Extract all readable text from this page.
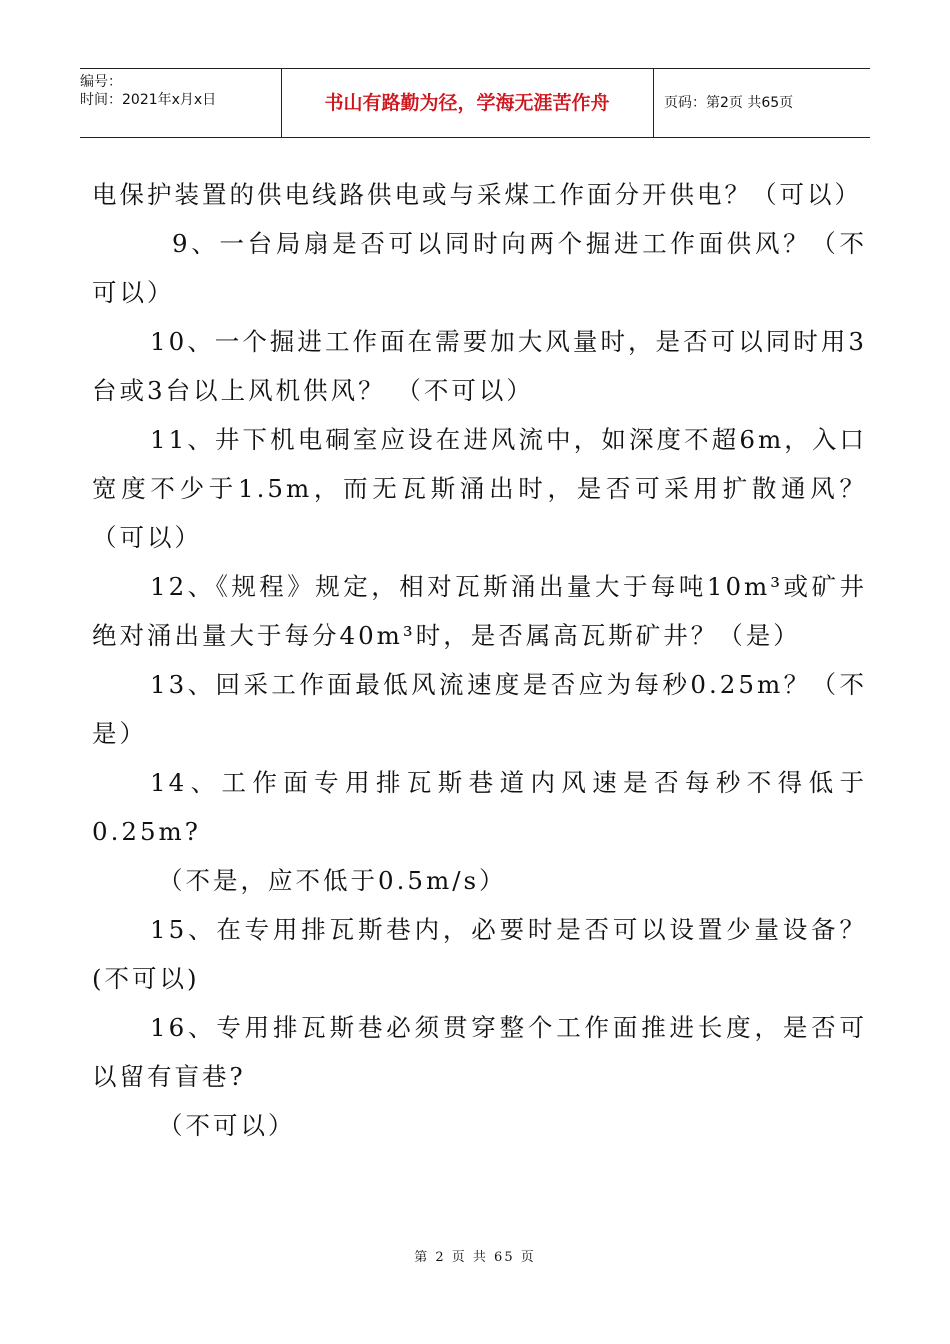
编号：
时间：2021年x月x日	书山有路勤为径，学海无涯苦作舟	页码：第2页 共65页

电保护装置的供电线路供电或与采煤工作面分开供电？（可以）

9、一台局扇是否可以同时向两个掘进工作面供风？（不可以）

10、一个掘进工作面在需要加大风量时，是否可以同时用3台或3台以上风机供风？ （不可以）

11、井下机电硐室应设在进风流中，如深度不超6m，入口宽度不少于1.5m，而无瓦斯涌出时，是否可采用扩散通风？（可以）

12、《规程》规定，相对瓦斯涌出量大于每吨10m³或矿井绝对涌出量大于每分40m³时，是否属高瓦斯矿井？（是）

13、回采工作面最低风流速度是否应为每秒0.25m？（不是）

14、工作面专用排瓦斯巷道内风速是否每秒不得低于0.25m?

（不是，应不低于0.5m/s）

15、在专用排瓦斯巷内，必要时是否可以设置少量设备？(不可以)

16、专用排瓦斯巷必须贯穿整个工作面推进长度，是否可以留有盲巷?

（不可以）

第 2 页 共 65 页
